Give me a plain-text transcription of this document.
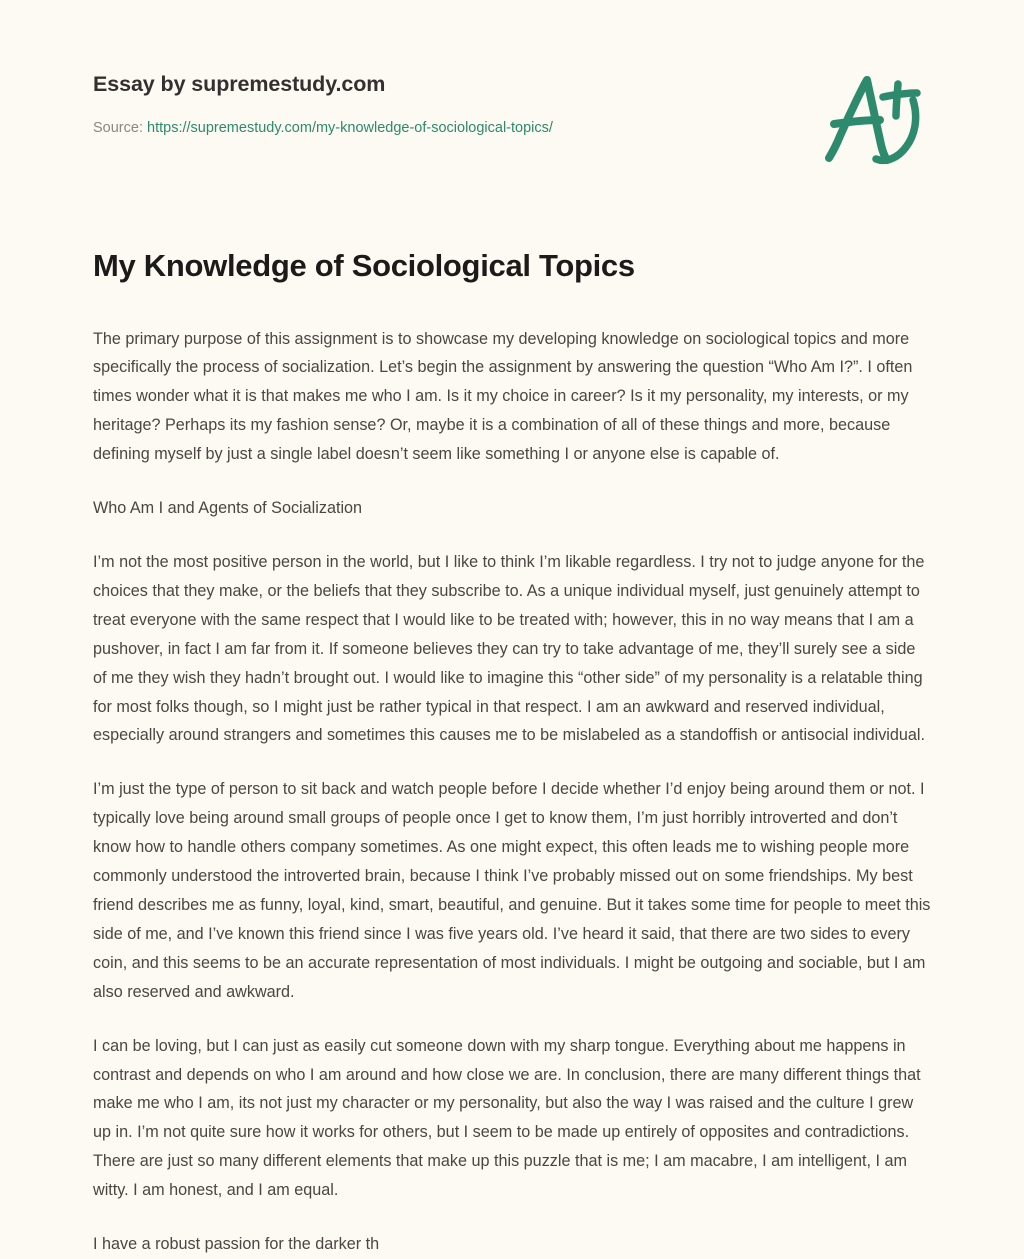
Essay by supremestudy.com
Source: https://supremestudy.com/my-knowledge-of-sociological-topics/
My Knowledge of Sociological Topics

The primary purpose of this assignment is to showcase my developing knowledge on sociological topics and more specifically the process of socialization. Let’s begin the assignment by answering the question “Who Am I?”. I often times wonder what it is that makes me who I am. Is it my choice in career? Is it my personality, my interests, or my heritage? Perhaps its my fashion sense? Or, maybe it is a combination of all of these things and more, because defining myself by just a single label doesn’t seem like something I or anyone else is capable of.

Who Am I and Agents of Socialization

I’m not the most positive person in the world, but I like to think I’m likable regardless. I try not to judge anyone for the choices that they make, or the beliefs that they subscribe to. As a unique individual myself, just genuinely attempt to treat everyone with the same respect that I would like to be treated with; however, this in no way means that I am a pushover, in fact I am far from it. If someone believes they can try to take advantage of me, they’ll surely see a side of me they wish they hadn’t brought out. I would like to imagine this “other side” of my personality is a relatable thing for most folks though, so I might just be rather typical in that respect. I am an awkward and reserved individual, especially around strangers and sometimes this causes me to be mislabeled as a standoffish or antisocial individual.

I’m just the type of person to sit back and watch people before I decide whether I’d enjoy being around them or not. I typically love being around small groups of people once I get to know them, I’m just horribly introverted and don’t know how to handle others company sometimes. As one might expect, this often leads me to wishing people more commonly understood the introverted brain, because I think I’ve probably missed out on some friendships. My best friend describes me as funny, loyal, kind, smart, beautiful, and genuine. But it takes some time for people to meet this side of me, and I’ve known this friend since I was five years old. I’ve heard it said, that there are two sides to every coin, and this seems to be an accurate representation of most individuals. I might be outgoing and sociable, but I am also reserved and awkward.

I can be loving, but I can just as easily cut someone down with my sharp tongue. Everything about me happens in contrast and depends on who I am around and how close we are. In conclusion, there are many different things that make me who I am, its not just my character or my personality, but also the way I was raised and the culture I grew up in. I’m not quite sure how it works for others, but I seem to be made up entirely of opposites and contradictions. There are just so many different elements that make up this puzzle that is me; I am macabre, I am intelligent, I am witty. I am honest, and I am equal.

I have a robust passion for the darker th
